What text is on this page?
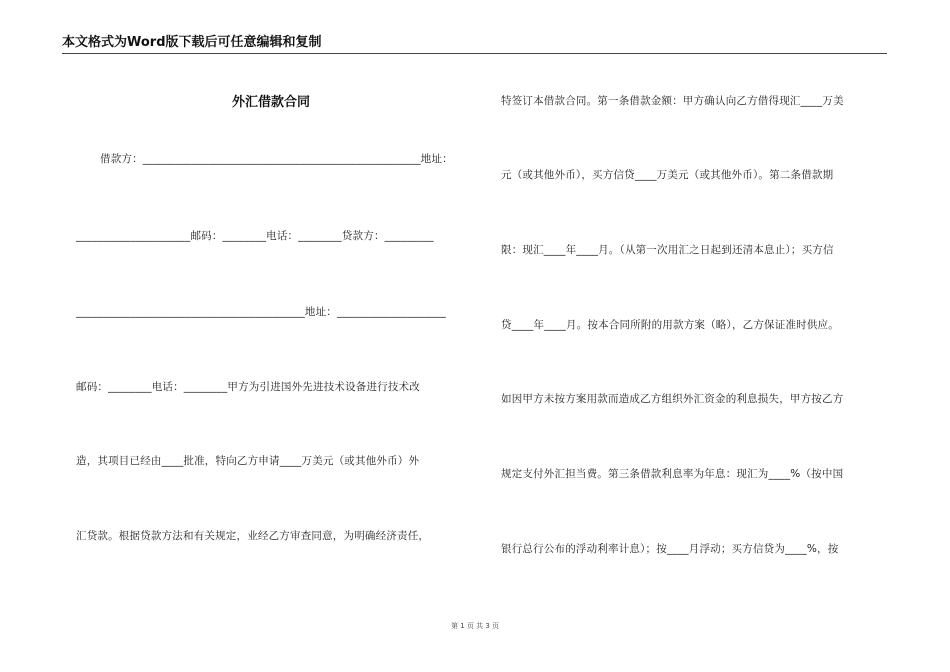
本文格式为Word版下载后可任意编辑和复制
外汇借款合同
借款方：___________________________________________________地址：
_____________________邮码：________电话：________贷款方：_________
__________________________________________地址：____________________
邮码：________电话：________甲方为引进国外先进技术设备进行技术改
造，其项目已经由____批准，特向乙方申请____万美元（或其他外币）外
汇贷款。根据贷款方法和有关规定，业经乙方审查同意，为明确经济责任，
特签订本借款合同。第一条借款金额：甲方确认向乙方借得现汇____万美
元（或其他外币），买方信贷____万美元（或其他外币）。第二条借款期
限：现汇____年____月。（从第一次用汇之日起到还清本息止）；买方信
贷____年____月。按本合同所附的用款方案（略），乙方保证准时供应。
如因甲方未按方案用款而造成乙方组织外汇资金的利息损失，甲方按乙方
规定支付外汇担当费。第三条借款利息率为年息：现汇为____%（按中国
银行总行公布的浮动利率计息）；按____月浮动；买方信贷为____%，按
第 1 页 共 3 页
